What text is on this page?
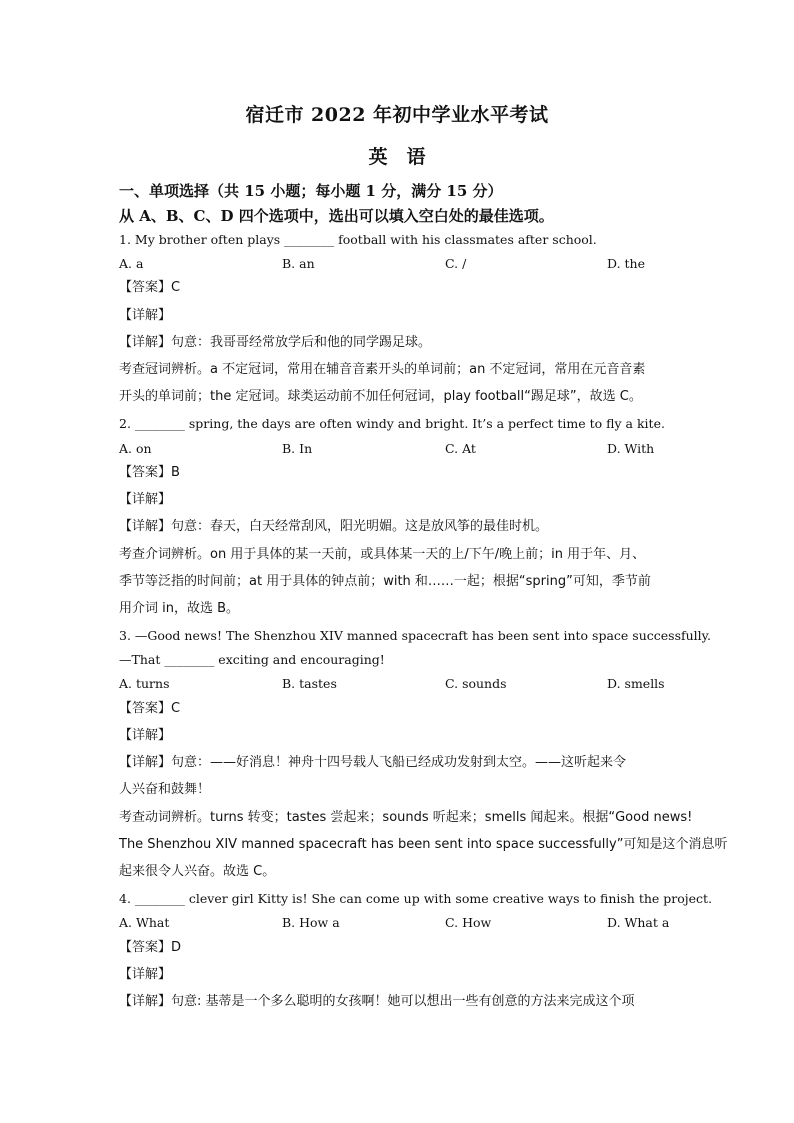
宿迁市 2022 年初中学业水平考试
英　语
一、单项选择（共 15 小题；每小题 1 分，满分 15 分）
从 A、B、C、D 四个选项中，选出可以填入空白处的最佳选项。
1. My brother often plays ________ football with his classmates after school.
A. a	B. an	C. /	D. the
【答案】C
【详解】
【详解】句意：我哥哥经常放学后和他的同学踢足球。
考查冠词辨析。a 不定冠词，常用在辅音音素开头的单词前；an 不定冠词，常用在元音音素
开头的单词前；the 定冠词。球类运动前不加任何冠词，play football“踢足球”，故选 C。
2. ________ spring, the days are often windy and bright. It’s a perfect time to fly a kite.
A. on	B. In	C. At	D. With
【答案】B
【详解】
【详解】句意：春天，白天经常刮风，阳光明媚。这是放风筝的最佳时机。
考查介词辨析。on 用于具体的某一天前，或具体某一天的上/下午/晚上前；in 用于年、月、
季节等泛指的时间前；at 用于具体的钟点前；with 和……一起；根据“spring”可知，季节前
用介词 in，故选 B。
3. —Good news! The Shenzhou XIV manned spacecraft has been sent into space successfully.
—That ________ exciting and encouraging!
A. turns	B. tastes	C. sounds	D. smells
【答案】C
【详解】
【详解】句意：——好消息！神舟十四号载人飞船已经成功发射到太空。——这听起来令
人兴奋和鼓舞！
考查动词辨析。turns 转变；tastes 尝起来；sounds 听起来；smells 闻起来。根据“Good news!
The Shenzhou XIV manned spacecraft has been sent into space successfully”可知是这个消息听
起来很令人兴奋。故选 C。
4. ________ clever girl Kitty is! She can come up with some creative ways to finish the project.
A. What	B. How a	C. How	D. What a
【答案】D
【详解】
【详解】句意: 基蒂是一个多么聪明的女孩啊！她可以想出一些有创意的方法来完成这个项
